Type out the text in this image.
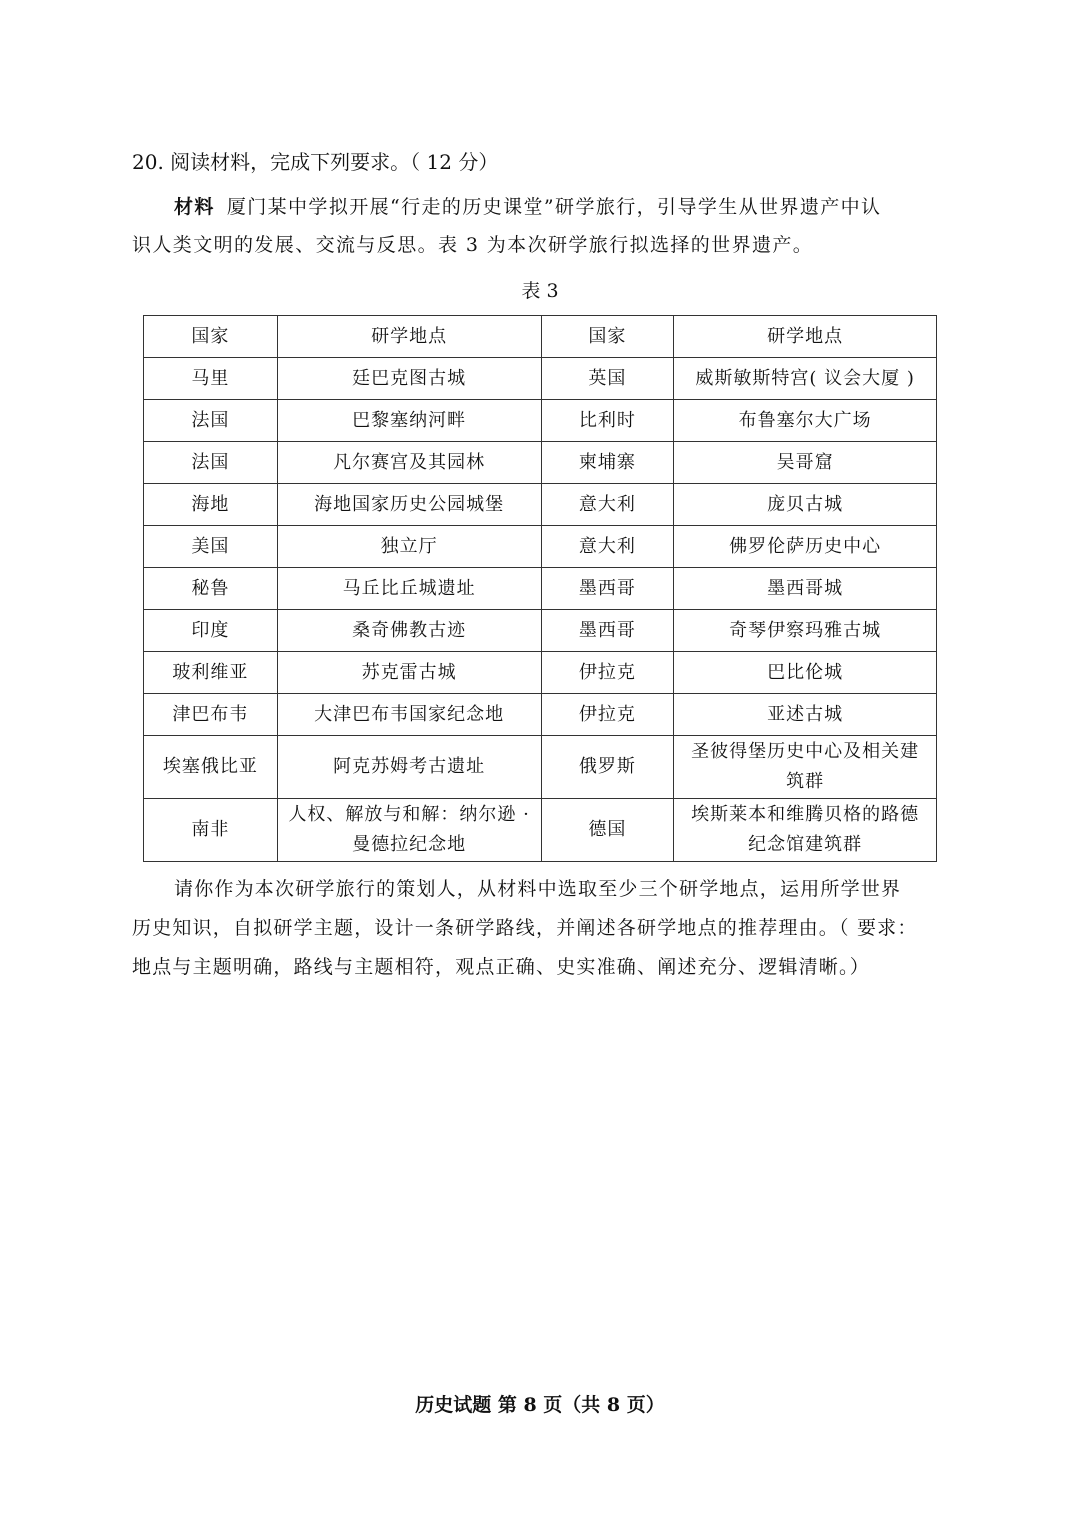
20. 阅读材料，完成下列要求。（ 12 分）
材料 厦门某中学拟开展“行走的历史课堂”研学旅行，引导学生从世界遗产中认
识人类文明的发展、交流与反思。表 3 为本次研学旅行拟选择的世界遗产。
表 3
国家	研学地点	国家	研学地点
马里	廷巴克图古城	英国	威斯敏斯特宫( 议会大厦 )
法国	巴黎塞纳河畔	比利时	布鲁塞尔大广场
法国	凡尔赛宫及其园林	柬埔寨	吴哥窟
海地	海地国家历史公园城堡	意大利	庞贝古城
美国	独立厅	意大利	佛罗伦萨历史中心
秘鲁	马丘比丘城遗址	墨西哥	墨西哥城
印度	桑奇佛教古迹	墨西哥	奇琴伊察玛雅古城
玻利维亚	苏克雷古城	伊拉克	巴比伦城
津巴布韦	大津巴布韦国家纪念地	伊拉克	亚述古城
埃塞俄比亚	阿克苏姆考古遗址	俄罗斯	圣彼得堡历史中心及相关建筑群
南非	人权、解放与和解：纳尔逊 · 曼德拉纪念地	德国	埃斯莱本和维腾贝格的路德纪念馆建筑群
请你作为本次研学旅行的策划人，从材料中选取至少三个研学地点，运用所学世界
历史知识，自拟研学主题，设计一条研学路线，并阐述各研学地点的推荐理由。（ 要求：
地点与主题明确，路线与主题相符，观点正确、史实准确、阐述充分、逻辑清晰。）
历史试题 第 8 页（共 8 页）
